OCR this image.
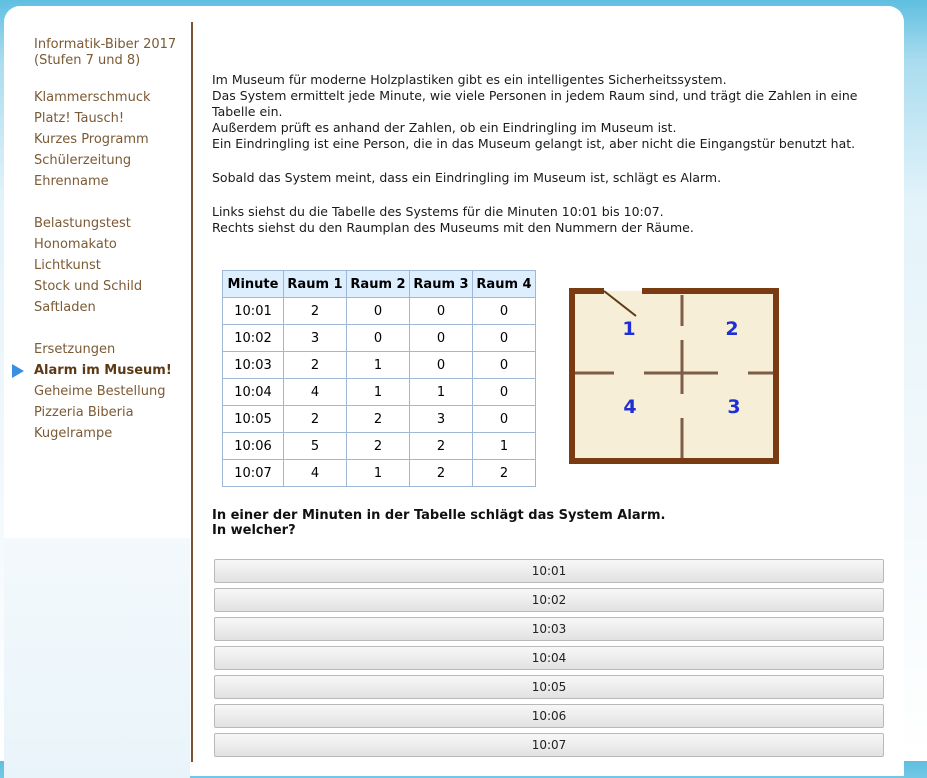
Informatik-Biber 2017
(Stufen 7 und 8)
Klammerschmuck
Platz! Tausch!
Kurzes Programm
Schülerzeitung
Ehrenname
Belastungstest
Honomakato
Lichtkunst
Stock und Schild
Saftladen
Ersetzungen
Alarm im Museum!
Geheime Bestellung
Pizzeria Biberia
Kugelrampe
Im Museum für moderne Holzplastiken gibt es ein intelligentes Sicherheitssystem.
Das System ermittelt jede Minute, wie viele Personen in jedem Raum sind, und trägt die Zahlen in eine
Tabelle ein.
Außerdem prüft es anhand der Zahlen, ob ein Eindringling im Museum ist.
Ein Eindringling ist eine Person, die in das Museum gelangt ist, aber nicht die Eingangstür benutzt hat.
Sobald das System meint, dass ein Eindringling im Museum ist, schlägt es Alarm.
Links siehst du die Tabelle des Systems für die Minuten 10:01 bis 10:07.
Rechts siehst du den Raumplan des Museums mit den Nummern der Räume.
Minute	Raum 1	Raum 2	Raum 3	Raum 4
10:01	2	0	0	0
10:02	3	0	0	0
10:03	2	1	0	0
10:04	4	1	1	0
10:05	2	2	3	0
10:06	5	2	2	1
10:07	4	1	2	2
1	2
3
4
In einer der Minuten in der Tabelle schlägt das System Alarm.
In welcher?
10:01
10:02
10:03
10:04
10:05
10:06
10:07
